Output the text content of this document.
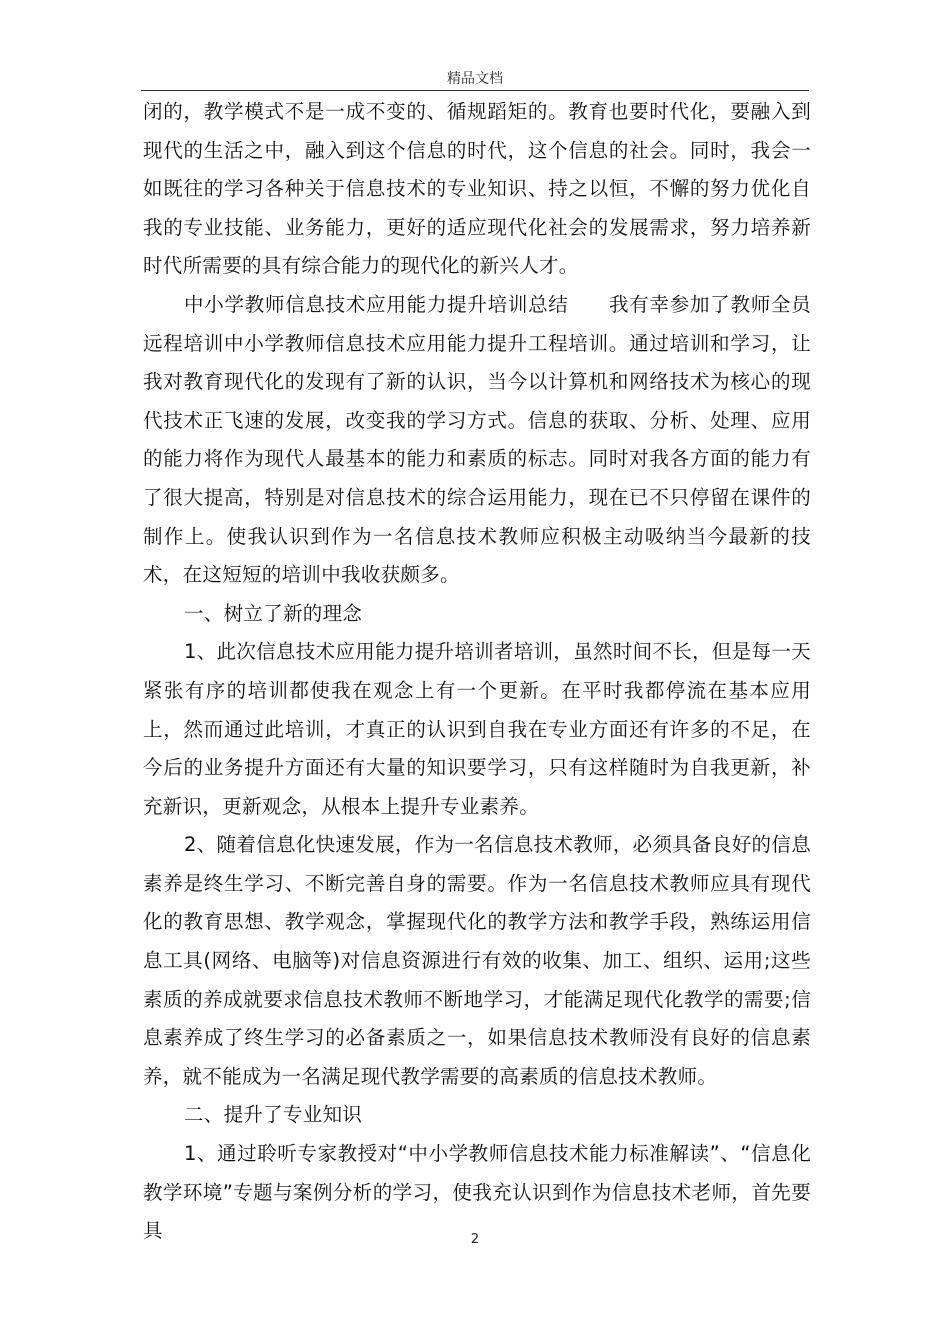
精品文档

闭的，教学模式不是一成不变的、循规蹈矩的。教育也要时代化，要融入到现代的生活之中，融入到这个信息的时代，这个信息的社会。同时，我会一如既往的学习各种关于信息技术的专业知识、持之以恒，不懈的努力优化自我的专业技能、业务能力，更好的适应现代化社会的发展需求，努力培养新时代所需要的具有综合能力的现代化的新兴人才。

中小学教师信息技术应用能力提升培训总结　　我有幸参加了教师全员远程培训中小学教师信息技术应用能力提升工程培训。通过培训和学习，让我对教育现代化的发现有了新的认识，当今以计算机和网络技术为核心的现代技术正飞速的发展，改变我的学习方式。信息的获取、分析、处理、应用的能力将作为现代人最基本的能力和素质的标志。同时对我各方面的能力有了很大提高，特别是对信息技术的综合运用能力，现在已不只停留在课件的制作上。使我认识到作为一名信息技术教师应积极主动吸纳当今最新的技术，在这短短的培训中我收获颇多。

一、树立了新的理念

1、此次信息技术应用能力提升培训者培训，虽然时间不长，但是每一天紧张有序的培训都使我在观念上有一个更新。在平时我都停流在基本应用上，然而通过此培训，才真正的认识到自我在专业方面还有许多的不足，在今后的业务提升方面还有大量的知识要学习，只有这样随时为自我更新，补充新识，更新观念，从根本上提升专业素养。

2、随着信息化快速发展，作为一名信息技术教师，必须具备良好的信息素养是终生学习、不断完善自身的需要。作为一名信息技术教师应具有现代化的教育思想、教学观念，掌握现代化的教学方法和教学手段，熟练运用信息工具(网络、电脑等)对信息资源进行有效的收集、加工、组织、运用;这些素质的养成就要求信息技术教师不断地学习，才能满足现代化教学的需要;信息素养成了终生学习的必备素质之一，如果信息技术教师没有良好的信息素养，就不能成为一名满足现代教学需要的高素质的信息技术教师。

二、提升了专业知识

1、通过聆听专家教授对“中小学教师信息技术能力标准解读”、“信息化教学环境”专题与案例分析的学习，使我充认识到作为信息技术老师，首先要具	2
